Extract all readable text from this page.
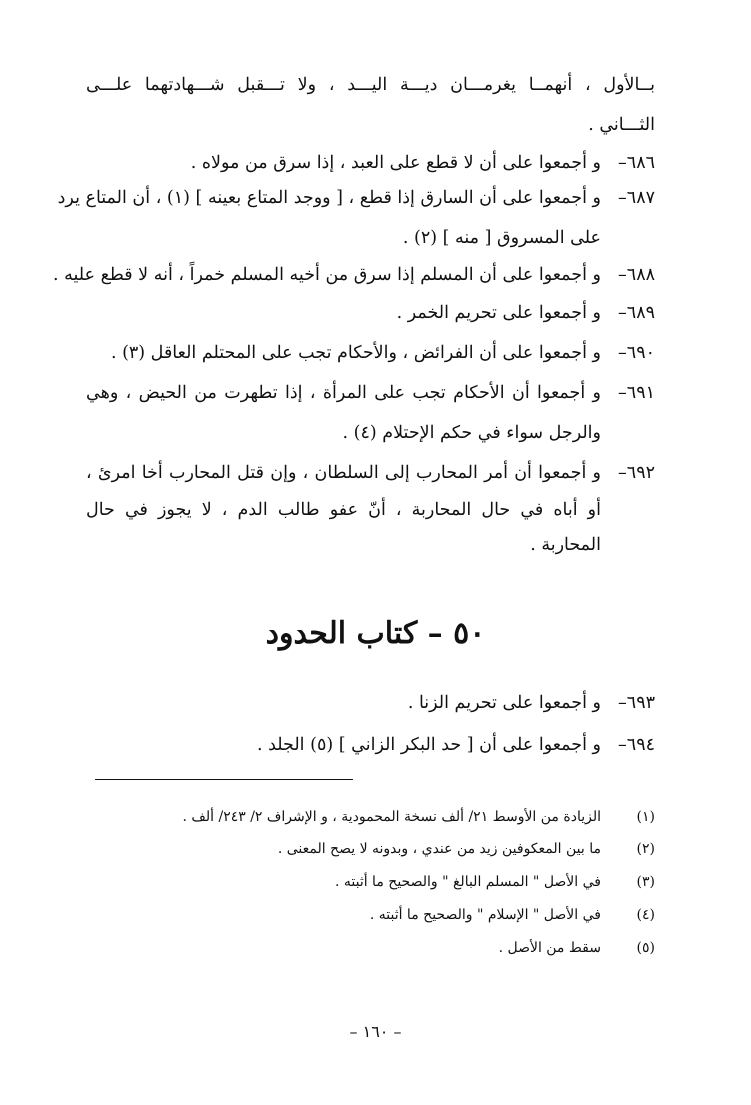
بــالأول ، أنهمــا يغرمـــان ديـــة اليـــد ، ولا تـــقبل شـــهادتهما علـــى
الثـــاني .
٦٨٦–
و أجمعوا على أن لا قطع على العبد ، إذا سرق من مولاه .
٦٨٧–
و أجمعوا على أن السارق إذا قطع ، [ ووجد المتاع بعينه ] (١) ، أن المتاع يرد
على المسروق [ منه ] (٢) .
٦٨٨–
و أجمعوا على أن المسلم إذا سرق من أخيه المسلم خمراً ، أنه لا قطع عليه .
٦٨٩–
و أجمعوا على تحريم الخمر .
٦٩٠–
و أجمعوا على أن الفرائض ، والأحكام تجب على المحتلم العاقل (٣) .
٦٩١–
و أجمعوا أن الأحكام تجب على المرأة ، إذا تطهرت من الحيض ، وهي
والرجل سواء في حكم الإحتلام (٤) .
٦٩٢–
و أجمعوا أن أمر المحارب إلى السلطان ، وإن قتل المحارب أخا امرئ ،
أو أباه في حال المحاربة ، أنّ عفو طالب الدم ، لا يجوز في حال
المحاربة .
٥٠ – كتاب الحدود
٦٩٣–
و أجمعوا على تحريم الزنا .
٦٩٤–
و أجمعوا على أن [ حد البكر الزاني ] (٥) الجلد .
(١)
الزيادة من الأوسط ٢١/ ألف نسخة المحمودية ، و الإشراف ٢/ ٢٤٣/ ألف .
(٢)
ما بين المعكوفين زيد من عندي ، وبدونه لا يصح المعنى .
(٣)
في الأصل " المسلم البالغ " والصحيح ما أثبته .
(٤)
في الأصل " الإسلام " والصحيح ما أثبته .
(٥)
سقط من الأصل .
– ١٦٠ –
